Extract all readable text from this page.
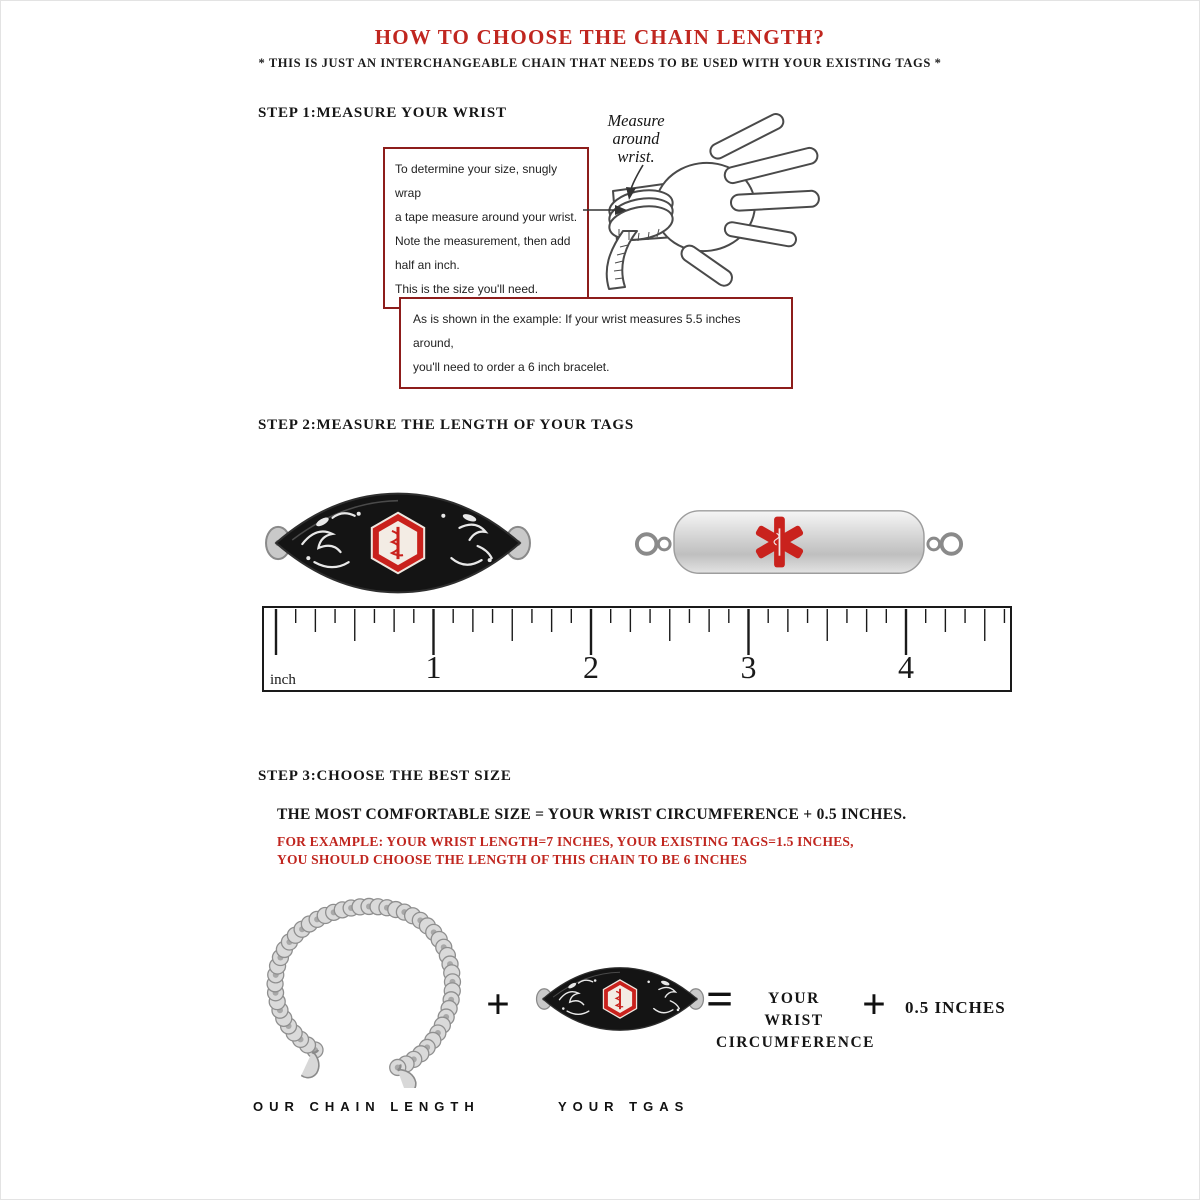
HOW TO CHOOSE THE CHAIN LENGTH?
* THIS IS JUST AN INTERCHANGEABLE CHAIN THAT NEEDS TO BE USED WITH YOUR EXISTING TAGS *
STEP 1:MEASURE YOUR WRIST
To determine your size, snugly wrap
a tape measure around your wrist.
Note the measurement, then add
half an inch.
This is the size you'll need.
Measure
around
wrist.
As is shown in the example: If your wrist measures 5.5 inches around,
you'll need to order a 6 inch bracelet.
STEP 2:MEASURE THE LENGTH OF YOUR TAGS
1	2	3	4
inch
STEP 3:CHOOSE THE BEST SIZE
THE MOST COMFORTABLE SIZE = YOUR WRIST CIRCUMFERENCE + 0.5 INCHES.
FOR EXAMPLE: YOUR WRIST LENGTH=7 INCHES, YOUR EXISTING TAGS=1.5 INCHES,
YOU SHOULD CHOOSE THE LENGTH OF THIS CHAIN TO BE 6 INCHES
+	=	YOUR
WRIST
CIRCUMFERENCE
+ 0.5 INCHES
OUR CHAIN LENGTH	YOUR TGAS
